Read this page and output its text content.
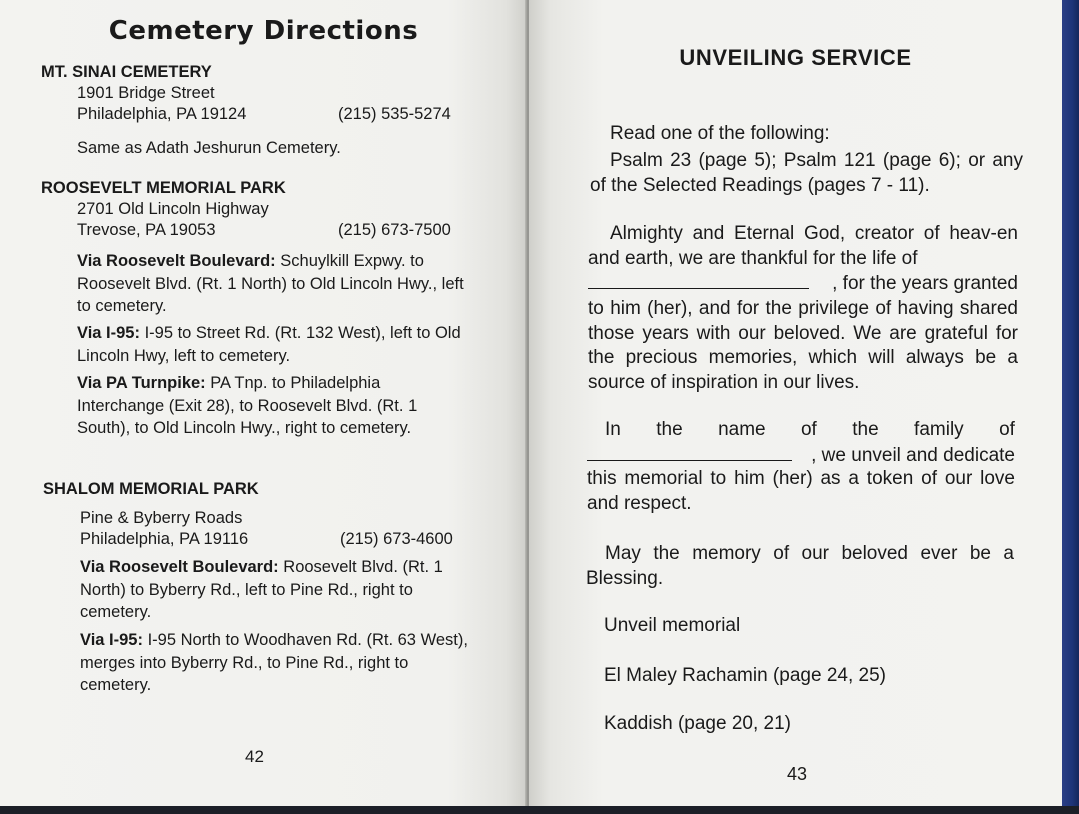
Cemetery Directions
MT. SINAI CEMETERY

1901 Bridge Street

Philadelphia, PA 19124	(215) 535-5274

Same as Adath Jeshurun Cemetery.

ROOSEVELT MEMORIAL PARK

2701 Old Lincoln Highway

Trevose, PA 19053	(215) 673-7500

Via Roosevelt Boulevard: Schuylkill Expwy. to Roosevelt Blvd. (Rt. 1 North) to Old Lincoln Hwy., left to cemetery.

Via I-95: I-95 to Street Rd. (Rt. 132 West), left to Old Lincoln Hwy, left to cemetery.

Via PA Turnpike: PA Tnp. to Philadelphia Interchange (Exit 28), to Roosevelt Blvd. (Rt. 1 South), to Old Lincoln Hwy., right to cemetery.

SHALOM MEMORIAL PARK

Pine & Byberry Roads

Philadelphia, PA 19116	(215) 673-4600

Via Roosevelt Boulevard: Roosevelt Blvd. (Rt. 1 North) to Byberry Rd., left to Pine Rd., right to cemetery.

Via I-95: I-95 North to Woodhaven Rd. (Rt. 63 West), merges into Byberry Rd., to Pine Rd., right to cemetery.

42

UNVEILING SERVICE

Read one of the following:

Psalm 23 (page 5); Psalm 121 (page 6); or any of the Selected Readings (pages 7 - 11).

Almighty and Eternal God, creator of heav-en and earth, we are thankful for the life of

, for the years granted

to him (her), and for the privilege of having shared those years with our beloved. We are grateful for the precious memories, which will always be a source of inspiration in our lives.

In the name of the family of

, we unveil and dedicate

this memorial to him (her) as a token of our love and respect.

May the memory of our beloved ever be a Blessing.

Unveil memorial

El Maley Rachamin (page 24, 25)

Kaddish (page 20, 21)

43
